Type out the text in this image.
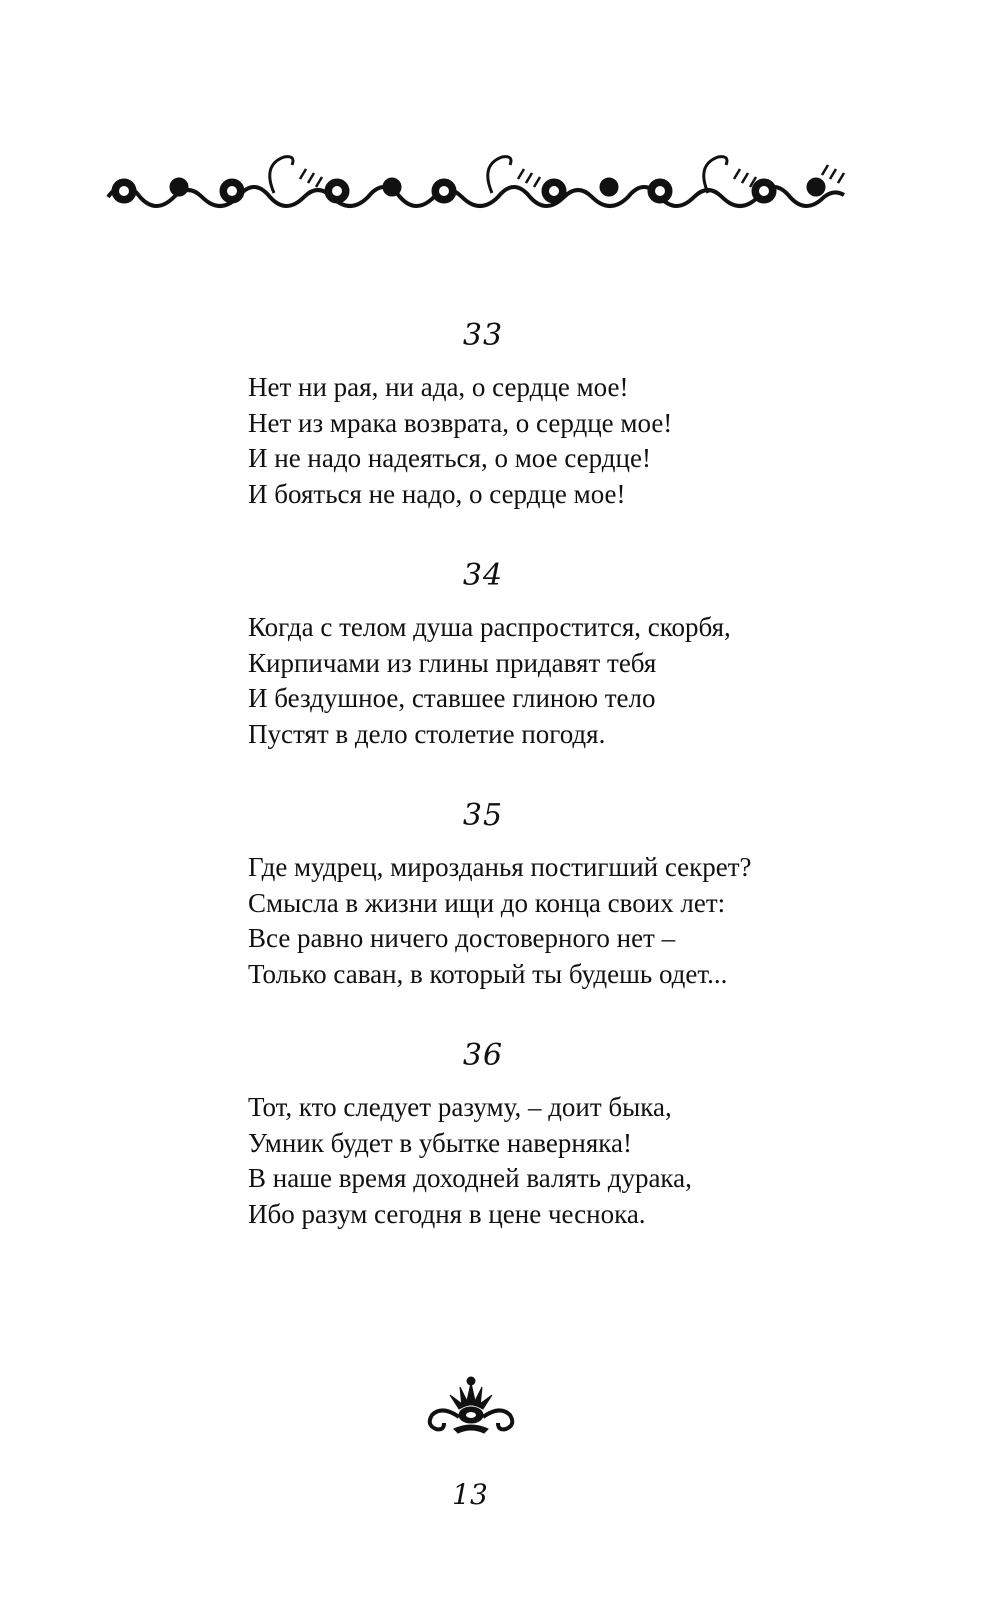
33
Нет ни рая, ни ада, о сердце мое!
Нет из мрака возврата, о сердце мое!
И не надо надеяться, о мое сердце!
И бояться не надо, о сердце мое!
34
Когда с телом душа распростится, скорбя,
Кирпичами из глины придавят тебя
И бездушное, ставшее глиною тело
Пустят в дело столетие погодя.
35
Где мудрец, мирозданья постигший секрет?
Смысла в жизни ищи до конца своих лет:
Все равно ничего достоверного нет –
Только саван, в который ты будешь одет...
36
Тот, кто следует разуму, – доит быка,
Умник будет в убытке наверняка!
В наше время доходней валять дурака,
Ибо разум сегодня в цене чеснока.
13
